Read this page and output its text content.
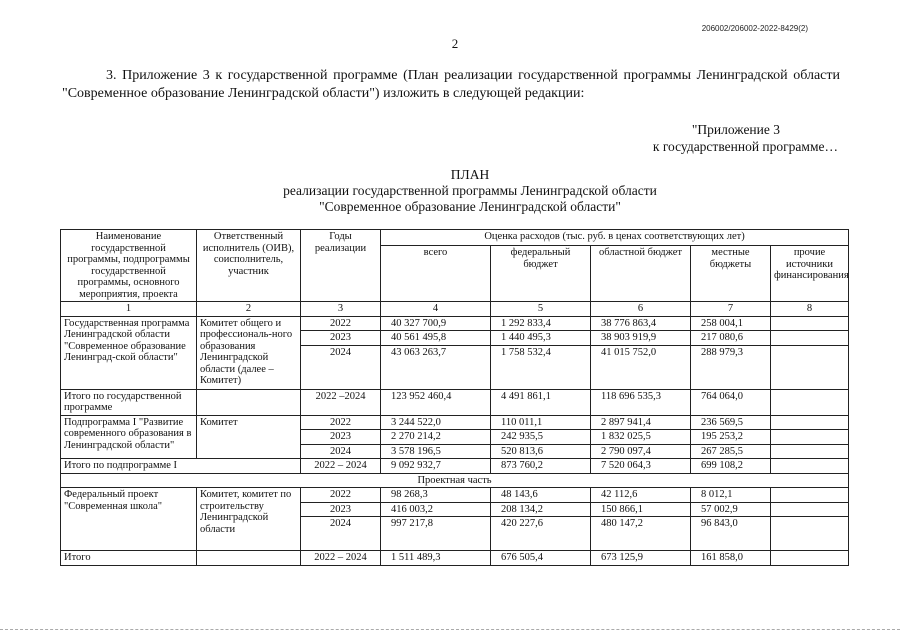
206002/206002-2022-8429(2)
2
3. Приложение 3 к государственной программе (План реализации государственной программы Ленинградской области "Современное образование Ленинградской области") изложить в следующей редакции:
"Приложение 3
к государственной программе…
ПЛАН
реализации государственной программы Ленинградской области
"Современное образование Ленинградской области"
Наименование государственной программы, подпрограммы государственной программы, основного мероприятия, проекта	Ответственный исполнитель (ОИВ), соисполнитель, участник	Годы реализации	Оценка расходов (тыс. руб. в ценах соответствующих лет)				
			всего	федеральный бюджет	областной бюджет	местные бюджеты	прочие источники финансирования
1	2	3	4	5	6	7	8
Государственная программа Ленинградской области "Современное образование Ленинград-ской области"	Комитет общего и профессиональ-ного образования Ленинградской области (далее – Комитет)	2022	40 327 700,9	1 292 833,4	38 776 863,4	258 004,1	
		2023	40 561 495,8	1 440 495,3	38 903 919,9	217 080,6	
		2024	43 063 263,7	1 758 532,4	41 015 752,0	288 979,3	
Итого по государственной программе		2022 –2024	123 952 460,4	4 491 861,1	118 696 535,3	764 064,0	
Подпрограмма I "Развитие современного образования в Ленинградской области"	Комитет	2022	3 244 522,0	110 011,1	2 897 941,4	236 569,5	
		2023	2 270 214,2	242 935,5	1 832 025,5	195 253,2	
		2024	3 578 196,5	520 813,6	2 790 097,4	267 285,5	
Итого по подпрограмме I		2022 – 2024	9 092 932,7	873 760,2	7 520 064,3	699 108,2	
Проектная часть							
Федеральный проект "Современная школа"	Комитет, комитет по строительству Ленинградской области	2022	98 268,3	48 143,6	42 112,6	8 012,1	
		2023	416 003,2	208 134,2	150 866,1	57 002,9	
		2024	997 217,8	420 227,6	480 147,2	96 843,0	
Итого		2022 – 2024	1 511 489,3	676 505,4	673 125,9	161 858,0	
